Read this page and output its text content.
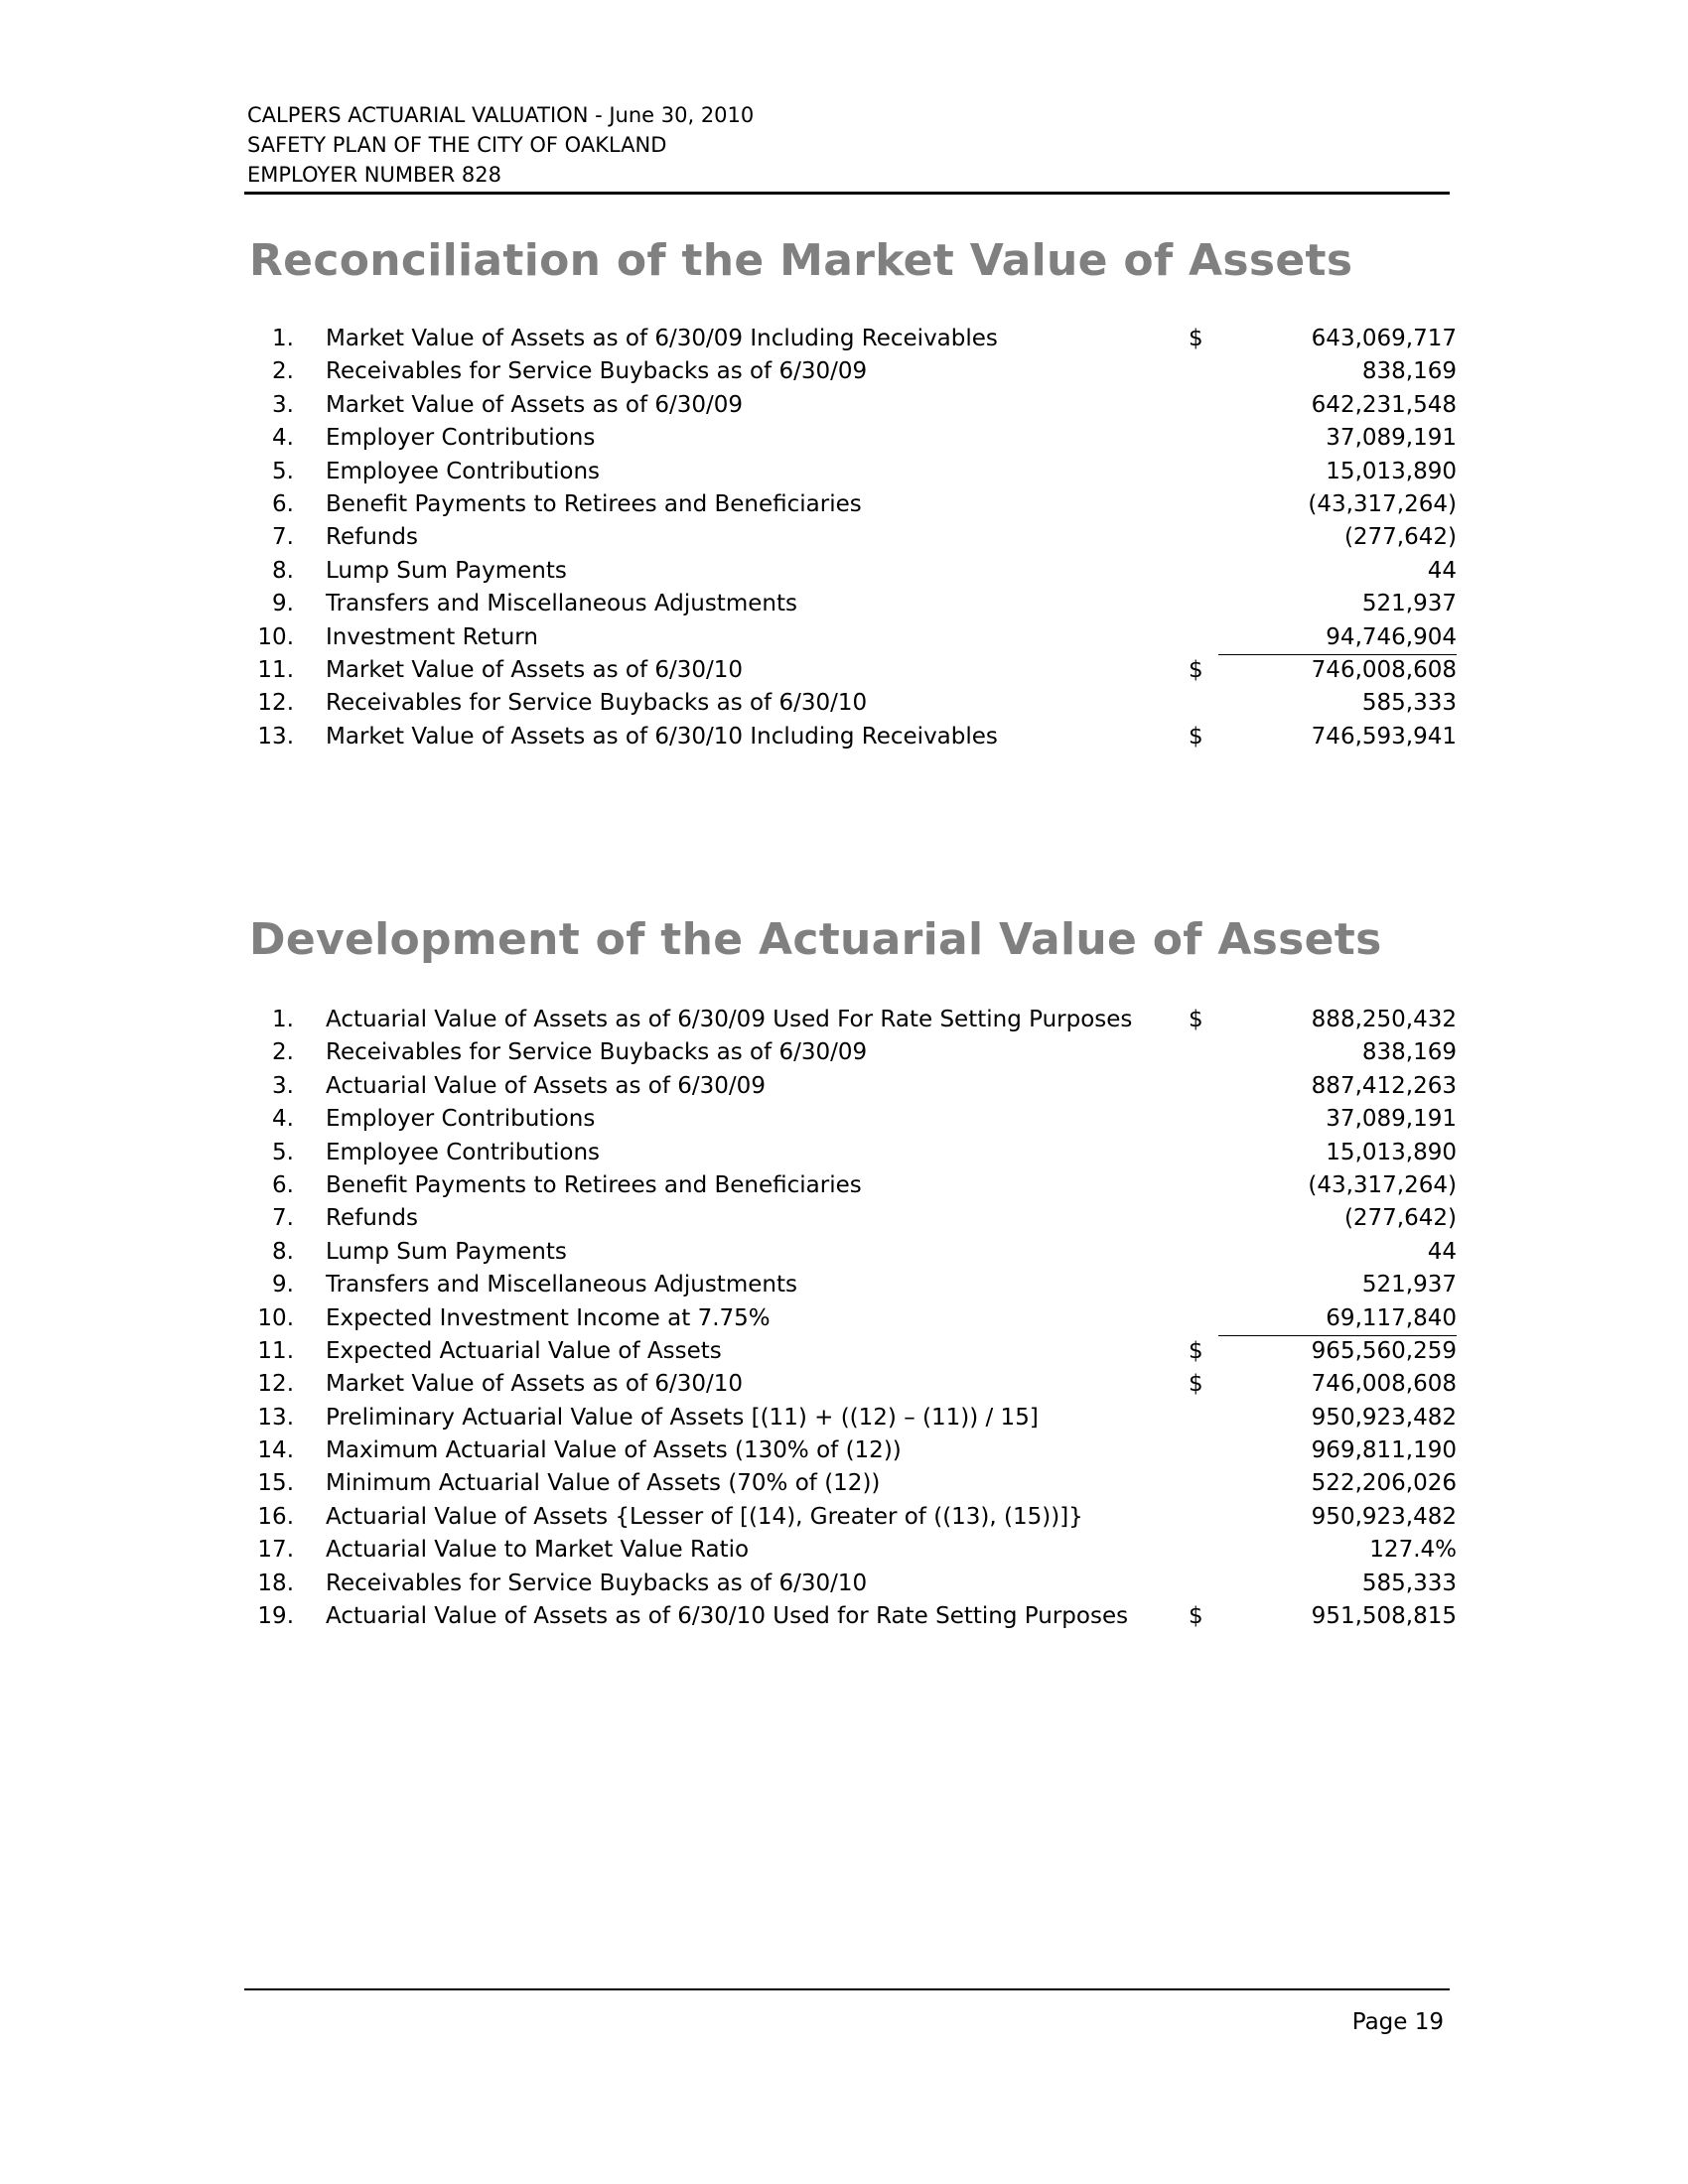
CALPERS ACTUARIAL VALUATION - June 30, 2010
SAFETY PLAN OF THE CITY OF OAKLAND
EMPLOYER NUMBER 828
Reconciliation of the Market Value of Assets
1. Market Value of Assets as of 6/30/09 Including Receivables	$	643,069,717
2. Receivables for Service Buybacks as of 6/30/09	838,169
3. Market Value of Assets as of 6/30/09	642,231,548
4. Employer Contributions	37,089,191
5. Employee Contributions	15,013,890
6. Benefit Payments to Retirees and Beneficiaries	(43,317,264)
7. Refunds	(277,642)
8. Lump Sum Payments	44
9. Transfers and Miscellaneous Adjustments	521,937
10. Investment Return	94,746,904
11. Market Value of Assets as of 6/30/10	$	746,008,608
12. Receivables for Service Buybacks as of 6/30/10	585,333
13. Market Value of Assets as of 6/30/10 Including Receivables	$	746,593,941
Development of the Actuarial Value of Assets
1. Actuarial Value of Assets as of 6/30/09 Used For Rate Setting Purposes $	888,250,432
2. Receivables for Service Buybacks as of 6/30/09	838,169
3. Actuarial Value of Assets as of 6/30/09	887,412,263
4. Employer Contributions	37,089,191
5. Employee Contributions	15,013,890
6. Benefit Payments to Retirees and Beneficiaries	(43,317,264)
7. Refunds	(277,642)
8. Lump Sum Payments	44
9. Transfers and Miscellaneous Adjustments	521,937
10. Expected Investment Income at 7.75%	69,117,840
11. Expected Actuarial Value of Assets	$	965,560,259
12. Market Value of Assets as of 6/30/10	$	746,008,608
13. Preliminary Actuarial Value of Assets [(11) + ((12) – (11)) / 15]	950,923,482
14. Maximum Actuarial Value of Assets (130% of (12))	969,811,190
15. Minimum Actuarial Value of Assets (70% of (12))	522,206,026
16. Actuarial Value of Assets {Lesser of [(14), Greater of ((13), (15))]}	950,923,482
17. Actuarial Value to Market Value Ratio	127.4%
18. Receivables for Service Buybacks as of 6/30/10	585,333
19. Actuarial Value of Assets as of 6/30/10 Used for Rate Setting Purposes	$	951,508,815
Page 19
